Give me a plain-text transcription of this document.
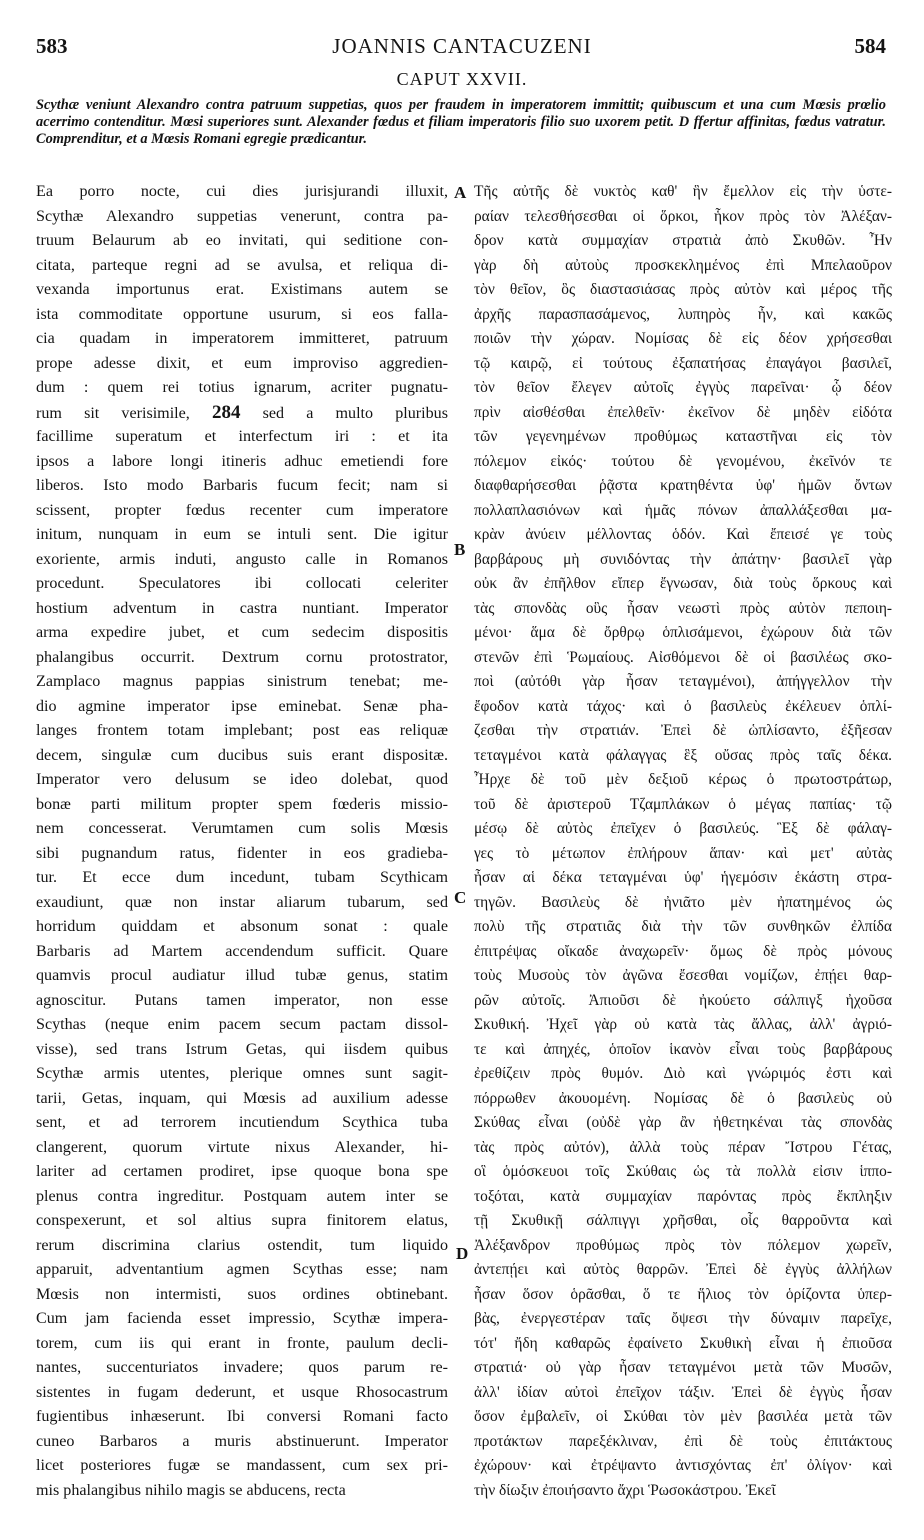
583	JOANNIS CANTACUZENI	584
CAPUT XXVII.
Scythæ veniunt Alexandro contra patruum suppetias, quos per fraudem in imperatorem immittit; quibuscum et una cum Mœsis prœlio acerrimo contenditur. Mœsi superiores sunt. Alexander fœdus et filiam imperatoris filio suo uxorem petit. D ffertur affinitas, fœdus vatratur. Comprenditur, et a Mœsis Romani egregie prædicantur.
Ea porro nocte, cui dies jurisjurandi illuxit,
Scythæ Alexandro suppetias venerunt, contra pa-
truum Belaurum ab eo invitati, qui seditione con-
citata, parteque regni ad se avulsa, et reliqua di-
vexanda importunus erat. Existimans autem se
ista commoditate opportune usurum, si eos falla-
cia quadam in imperatorem immitteret, patruum
prope adesse dixit, et eum improviso aggredien-
dum : quem rei totius ignarum, acriter pugnatu-
rum sit verisimile, 284 sed a multo pluribus
facillime superatum et interfectum iri : et ita
ipsos a labore longi itineris adhuc emetiendi fore
liberos. Isto modo Barbaris fucum fecit; nam si
scissent, propter fœdus recenter cum imperatore
initum, nunquam in eum se intuli sent. Die igitur
exoriente, armis induti, angusto calle in Romanos
procedunt. Speculatores ibi collocati celeriter
hostium adventum in castra nuntiant. Imperator
arma expedire jubet, et cum sedecim dispositis
phalangibus occurrit. Dextrum cornu protostrator,
Zamplaco magnus pappias sinistrum tenebat; me-
dio agmine imperator ipse eminebat. Senæ pha-
langes frontem totam implebant; post eas reliquæ
decem, singulæ cum ducibus suis erant dispositæ.
Imperator vero delusum se ideo dolebat, quod
bonæ parti militum propter spem fœderis missio-
nem concesserat. Verumtamen cum solis Mœsis
sibi pugnandum ratus, fidenter in eos gradieba-
tur. Et ecce dum incedunt, tubam Scythicam
exaudiunt, quæ non instar aliarum tubarum, sed
horridum quiddam et absonum sonat : quale
Barbaris ad Martem accendendum sufficit. Quare
quamvis procul audiatur illud tubæ genus, statim
agnoscitur. Putans tamen imperator, non esse
Scythas (neque enim pacem secum pactam dissol-
visse), sed trans Istrum Getas, qui iisdem quibus
Scythæ armis utentes, plerique omnes sunt sagit-
tarii, Getas, inquam, qui Mœsis ad auxilium adesse
sent, et ad terrorem incutiendum Scythica tuba
clangerent, quorum virtute nixus Alexander, hi-
lariter ad certamen prodiret, ipse quoque bona spe
plenus contra ingreditur. Postquam autem inter se
conspexerunt, et sol altius supra finitorem elatus,
rerum discrimina clarius ostendit, tum liquido
apparuit, adventantium agmen Scythas esse; nam
Mœsis non intermisti, suos ordines obtinebant.
Cum jam facienda esset impressio, Scythæ impera-
torem, cum iis qui erant in fronte, paulum decli-
nantes, succenturiatos invadere; quos parum re-
sistentes in fugam dederunt, et usque Rhosocastrum
fugientibus inhæserunt. Ibi conversi Romani facto
cuneo Barbaros a muris abstinuerunt. Imperator
licet posteriores fugæ se mandassent, cum sex pri-
mis phalangibus nihilo magis se abducens, recta
A
B
C
D
Τῆς αὐτῆς δὲ νυκτὸς καθ' ἣν ἔμελλον εἰς τὴν ὑστε-
ραίαν τελεσθήσεσθαι οἱ ὅρκοι, ἧκον πρὸς τὸν Ἀλέξαν-
δρον κατὰ συμμαχίαν στρατιὰ ἀπὸ Σκυθῶν. Ἦν
γὰρ δὴ αὐτοὺς προσκεκλημένος ἐπὶ Μπελαοῦρον
τὸν θεῖον, ὃς διαστασιάσας πρὸς αὐτὸν καὶ μέρος τῆς
ἀρχῆς παρασπασάμενος, λυπηρὸς ἦν, καὶ κακῶς
ποιῶν τὴν χώραν. Νομίσας δὲ εἰς δέον χρήσεσθαι
τῷ καιρῷ, εἰ τούτους ἐξαπατήσας ἐπαγάγοι βασιλεῖ,
τὸν θεῖον ἔλεγεν αὐτοῖς ἐγγὺς παρεῖναι· ᾧ δέον
πρὶν αἰσθέσθαι ἐπελθεῖν· ἐκεῖνον δὲ μηδὲν εἰδότα
τῶν γεγενημένων προθύμως καταστῆναι εἰς τὸν
πόλεμον εἰκός· τούτου δὲ γενομένου, ἐκεῖνόν τε
διαφθαρήσεσθαι ῥᾷστα κρατηθέντα ὑφ' ἡμῶν ὄντων
πολλαπλασιόνων καὶ ἡμᾶς πόνων ἀπαλλάξεσθαι μα-
κρὰν ἀνύειν μέλλοντας ὁδόν. Καὶ ἔπεισέ γε τοὺς
βαρβάρους μὴ συνιδόντας τὴν ἀπάτην· βασιλεῖ γὰρ
οὐκ ἂν ἐπῆλθον εἴπερ ἔγνωσαν, διὰ τοὺς ὅρκους καὶ
τὰς σπονδὰς οὓς ἦσαν νεωστὶ πρὸς αὐτὸν πεποιη-
μένοι· ἅμα δὲ ὄρθρῳ ὁπλισάμενοι, ἐχώρουν διὰ τῶν
στενῶν ἐπὶ Ῥωμαίους. Αἰσθόμενοι δὲ οἱ βασιλέως σκο-
ποὶ (αὐτόθι γὰρ ἦσαν τεταγμένοι), ἀπήγγελλον τὴν
ἔφοδον κατὰ τάχος· καὶ ὁ βασιλεὺς ἐκέλευεν ὁπλί-
ζεσθαι τὴν στρατιάν. Ἐπεὶ δὲ ὡπλίσαντο, ἐξῆεσαν
τεταγμένοι κατὰ φάλαγγας ἓξ οὔσας πρὸς ταῖς δέκα.
Ἦρχε δὲ τοῦ μὲν δεξιοῦ κέρως ὁ πρωτοστράτωρ,
τοῦ δὲ ἀριστεροῦ Τζαμπλάκων ὁ μέγας παπίας· τῷ
μέσῳ δὲ αὐτὸς ἐπεῖχεν ὁ βασιλεύς. Ἓξ δὲ φάλαγ-
γες τὸ μέτωπον ἐπλήρουν ἅπαν· καὶ μετ' αὐτὰς
ἦσαν αἱ δέκα τεταγμέναι ὑφ' ἡγεμόσιν ἑκάστη στρα-
τηγῶν. Βασιλεὺς δὲ ἠνιᾶτο μὲν ἠπατημένος ὡς
πολὺ τῆς στρατιᾶς διὰ τὴν τῶν συνθηκῶν ἐλπίδα
ἐπιτρέψας οἴκαδε ἀναχωρεῖν· ὅμως δὲ πρὸς μόνους
τοὺς Μυσοὺς τὸν ἀγῶνα ἔσεσθαι νομίζων, ἐπῄει θαρ-
ρῶν αὐτοῖς. Ἀπιοῦσι δὲ ἠκούετο σάλπιγξ ἠχοῦσα
Σκυθική. Ἠχεῖ γὰρ οὐ κατὰ τὰς ἄλλας, ἀλλ' ἀγριό-
τε καὶ ἀπηχές, ὁποῖον ἱκανὸν εἶναι τοὺς βαρβάρους
ἐρεθίζειν πρὸς θυμόν. Διὸ καὶ γνώριμός ἐστι καὶ
πόρρωθεν ἀκουομένη. Νομίσας δὲ ὁ βασιλεὺς οὐ
Σκύθας εἶναι (οὐδὲ γὰρ ἂν ἠθετηκέναι τὰς σπονδὰς
τὰς πρὸς αὐτόν), ἀλλὰ τοὺς πέραν Ἴστρου Γέτας,
οἳ ὁμόσκευοι τοῖς Σκύθαις ὡς τὰ πολλὰ εἰσιν ἱππο-
τοξόται, κατὰ συμμαχίαν παρόντας πρὸς ἔκπληξιν
τῇ Σκυθικῇ σάλπιγγι χρῆσθαι, οἷς θαρροῦντα καὶ
Ἀλέξανδρον προθύμως πρὸς τὸν πόλεμον χωρεῖν,
ἀντεπῄει καὶ αὐτὸς θαρρῶν. Ἐπεὶ δὲ ἐγγὺς ἀλλήλων
ἦσαν ὅσον ὁρᾶσθαι, ὅ τε ἥλιος τὸν ὁρίζοντα ὑπερ-
βὰς, ἐνεργεστέραν ταῖς ὄψεσι τὴν δύναμιν παρεῖχε,
τότ' ἤδη καθαρῶς ἐφαίνετο Σκυθικὴ εἶναι ἡ ἐπιοῦσα
στρατιά· οὐ γὰρ ἦσαν τεταγμένοι μετὰ τῶν Μυσῶν,
ἀλλ' ἰδίαν αὐτοὶ ἐπεῖχον τάξιν. Ἐπεὶ δὲ ἐγγὺς ἦσαν
ὅσον ἐμβαλεῖν, οἱ Σκύθαι τὸν μὲν βασιλέα μετὰ τῶν
προτάκτων παρεξέκλιναν, ἐπὶ δὲ τοὺς ἐπιτάκτους
ἐχώρουν· καὶ ἐτρέψαντο ἀντισχόντας ἐπ' ὀλίγον· καὶ
τὴν δίωξιν ἐποιήσαντο ἄχρι Ῥωσοκάστρου. Ἐκεῖ
